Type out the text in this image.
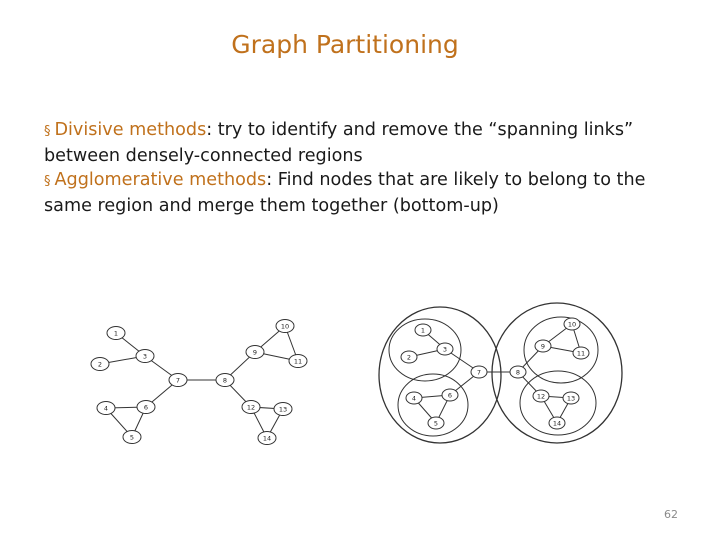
Graph Partitioning
§ Divisive methods: try to identify and remove the “spanning links” between densely-connected regions
§ Agglomerative methods: Find nodes that are likely to belong to the same region and merge them together (bottom-up)
1
2
3
4
5
6
7	8
9
10
11
12	13
14
1
2
3
4
5
6
7	8
9
10
11
12	13
14
62
